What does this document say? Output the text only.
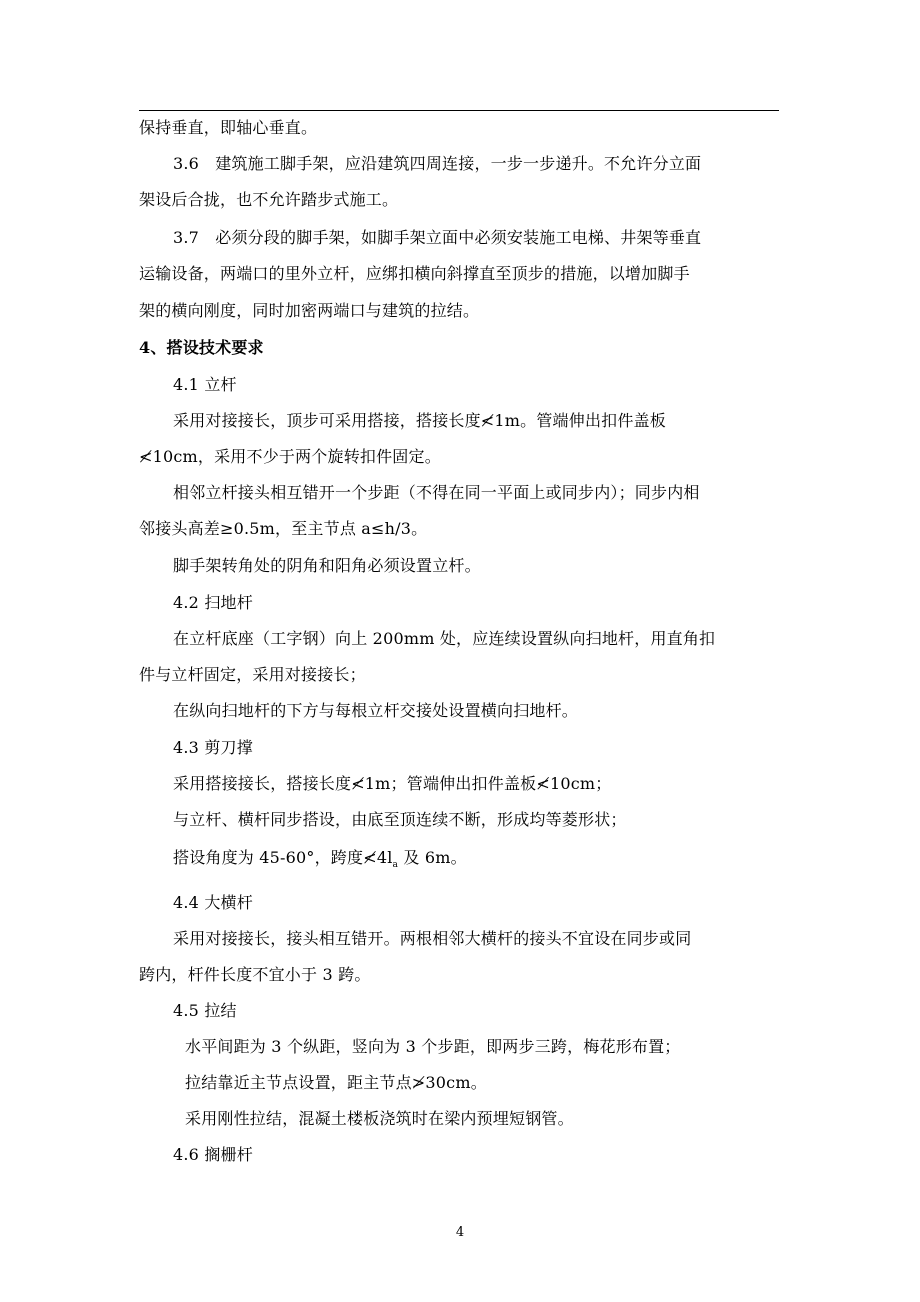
保持垂直，即轴心垂直。
3.6　建筑施工脚手架，应沿建筑四周连接，一步一步递升。不允许分立面
架设后合拢，也不允许踏步式施工。
3.7　必须分段的脚手架，如脚手架立面中必须安装施工电梯、井架等垂直
运输设备，两端口的里外立杆，应绑扣横向斜撑直至顶步的措施，以增加脚手
架的横向刚度，同时加密两端口与建筑的拉结。
4、搭设技术要求
4.1 立杆
采用对接接长，顶步可采用搭接，搭接长度≮1m。管端伸出扣件盖板
≮10cm，采用不少于两个旋转扣件固定。
相邻立杆接头相互错开一个步距（不得在同一平面上或同步内）；同步内相
邻接头高差≥0.5m，至主节点 a≤h/3。
脚手架转角处的阴角和阳角必须设置立杆。
4.2 扫地杆
在立杆底座（工字钢）向上 200mm 处，应连续设置纵向扫地杆，用直角扣
件与立杆固定，采用对接接长；
在纵向扫地杆的下方与每根立杆交接处设置横向扫地杆。
4.3 剪刀撑
采用搭接接长，搭接长度≮1m；管端伸出扣件盖板≮10cm；
与立杆、横杆同步搭设，由底至顶连续不断，形成均等菱形状；
搭设角度为 45-60°，跨度$≮4l_a$ 及 6m。
4.4 大横杆
采用对接接长，接头相互错开。两根相邻大横杆的接头不宜设在同步或同
跨内，杆件长度不宜小于 3 跨。
4.5 拉结
水平间距为 3 个纵距，竖向为 3 个步距，即两步三跨，梅花形布置；
拉结靠近主节点设置，距主节点≯30cm。
采用刚性拉结，混凝土楼板浇筑时在梁内预埋短钢管。
4.6 搁栅杆
4
